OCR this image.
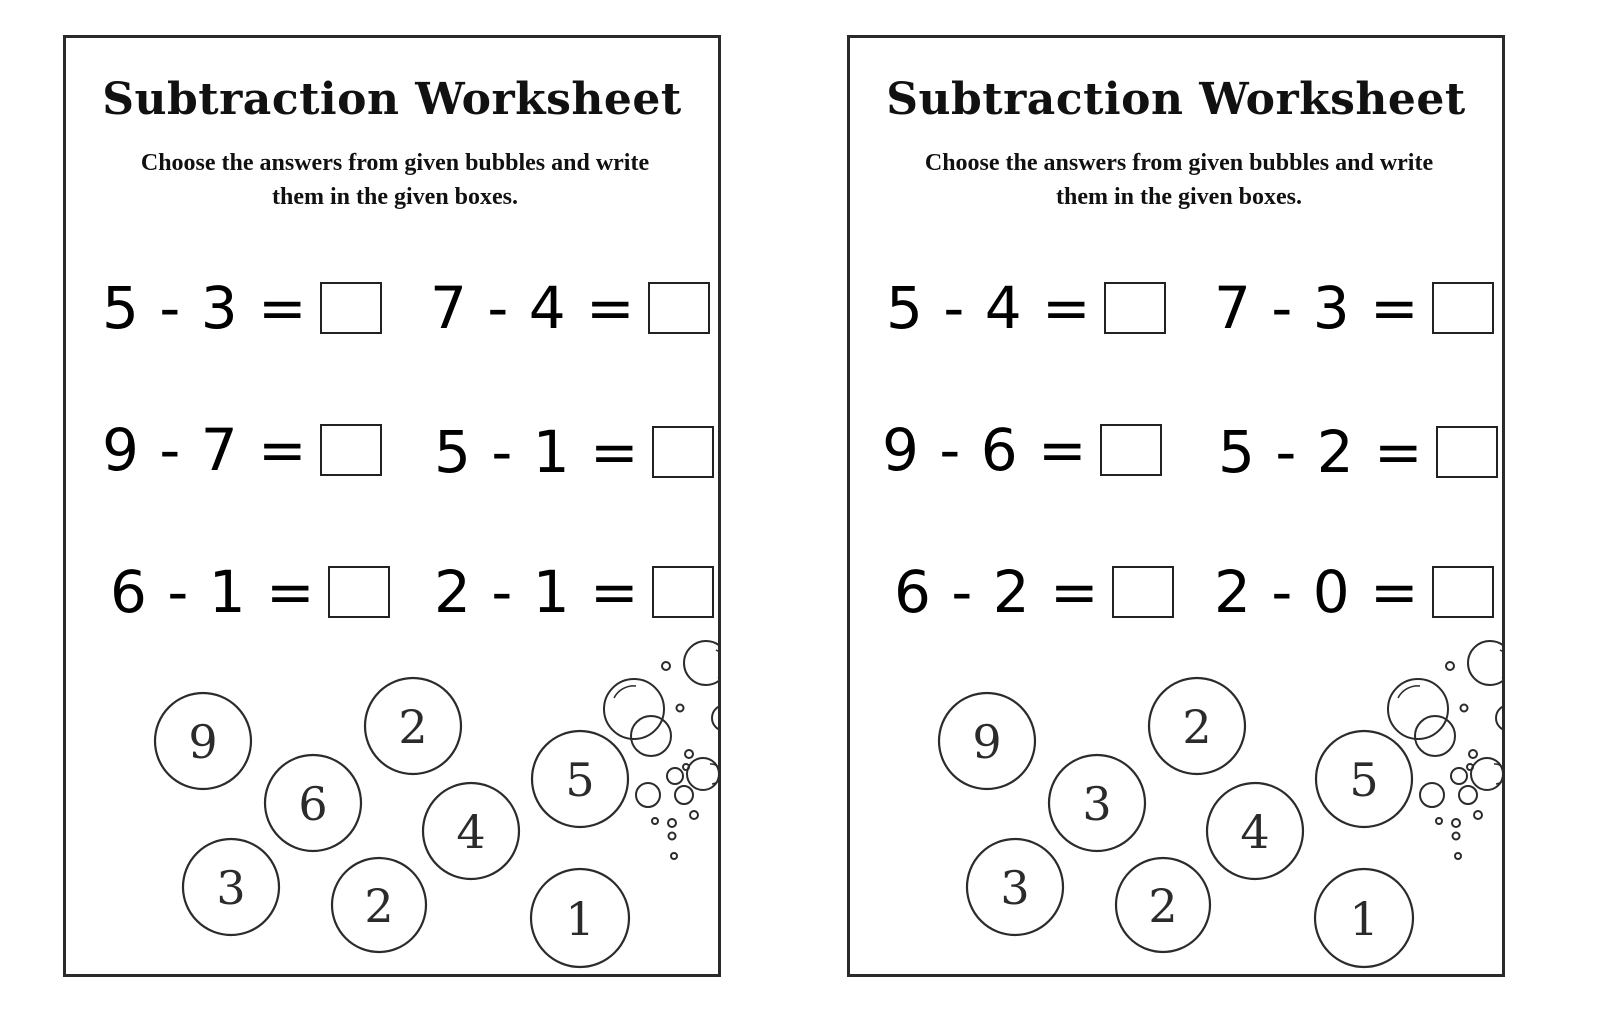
Subtraction Worksheet
Choose the answers from given bubbles and write
them in the given boxes.
5 - 3 = 7 - 4 =
9 - 7 = 5 - 1 =
6 - 1 = 2 - 1 =
9	2
6	5
4
3	2	1
Subtraction Worksheet
Choose the answers from given bubbles and write
them in the given boxes.
5 - 4 = 7 - 3 =
9 - 6 = 5 - 2 =
6 - 2 = 2 - 0 =
9	2
3	5
4
3	2	1
